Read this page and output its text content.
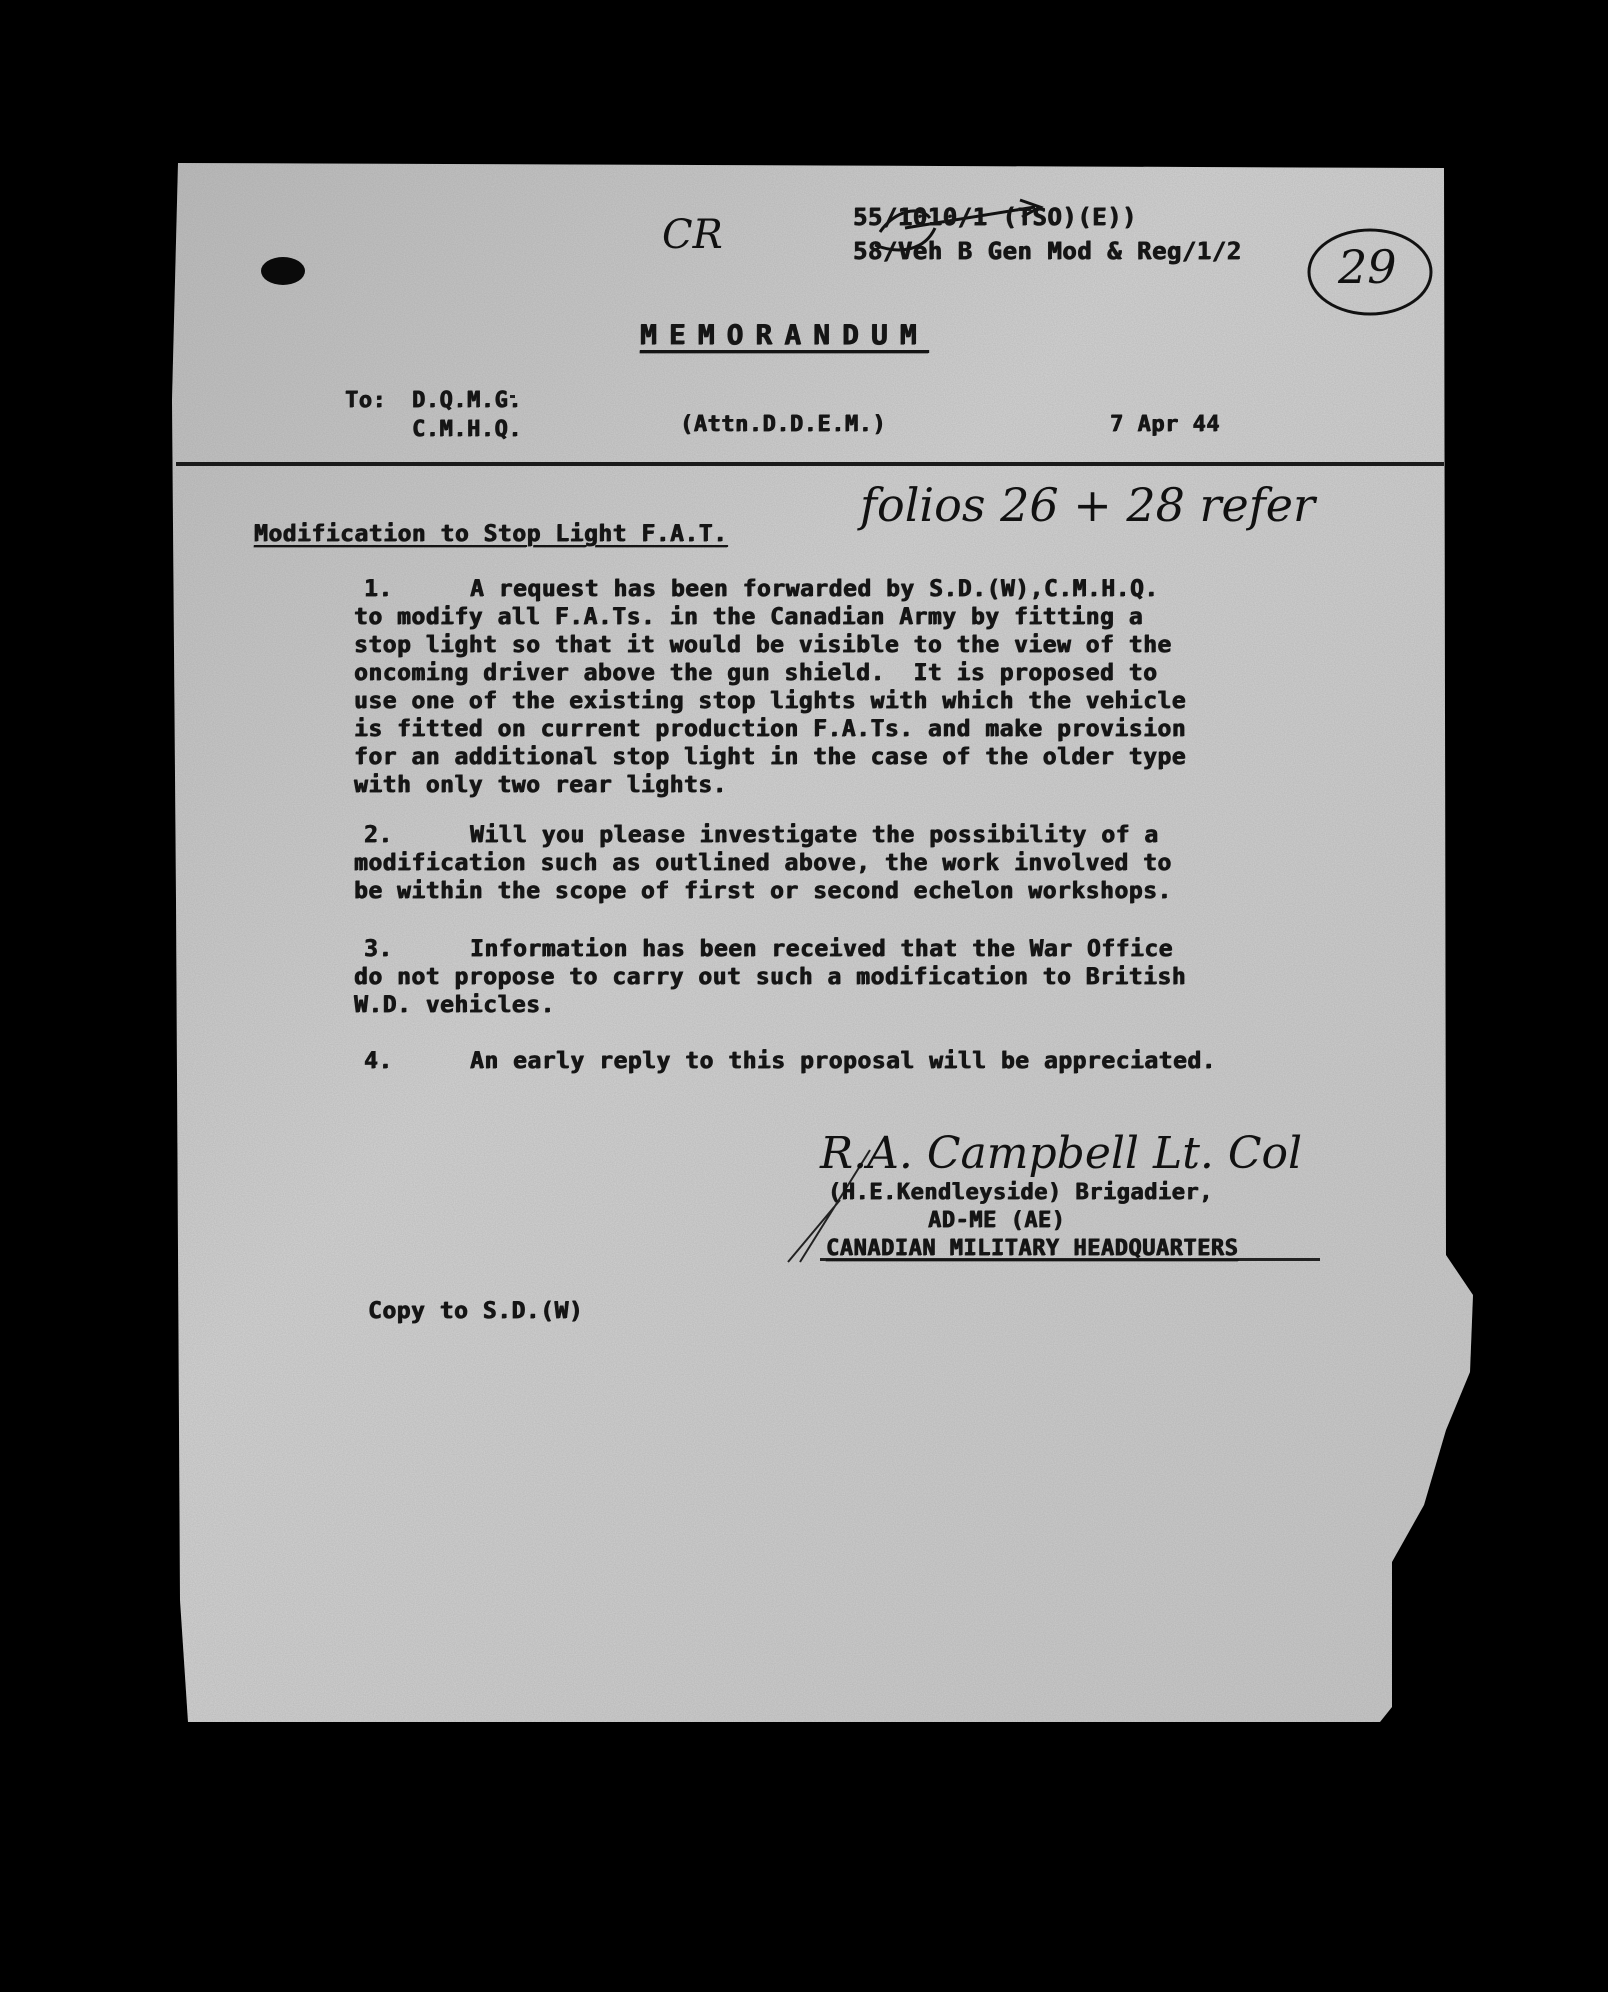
55/1010/1 (TSO)(E))
58/Veh B Gen Mod & Reg/1/2
CR
29
MEMORANDUM
To: D.Q.M.G.
C.M.H.Q.	(Attn.D.D.E.M.)	7 Apr 44
folios 26 + 28 refer
Modification to Stop Light F.A.T.
1.	A request has been forwarded by S.D.(W),C.M.H.Q.
to modify all F.A.Ts. in the Canadian Army by fitting a
stop light so that it would be visible to the view of the
oncoming driver above the gun shield.  It is proposed to
use one of the existing stop lights with which the vehicle
is fitted on current production F.A.Ts. and make provision
for an additional stop light in the case of the older type
with only two rear lights.
2.	Will you please investigate the possibility of a
modification such as outlined above, the work involved to
be within the scope of first or second echelon workshops.
3.	Information has been received that the War Office
do not propose to carry out such a modification to British
W.D. vehicles.
4.	An early reply to this proposal will be appreciated.
R.A. Campbell Lt. Col
(H.E.Kendleyside) Brigadier,
AD-ME (AE)
CANADIAN MILITARY HEADQUARTERS
Copy to S.D.(W)
